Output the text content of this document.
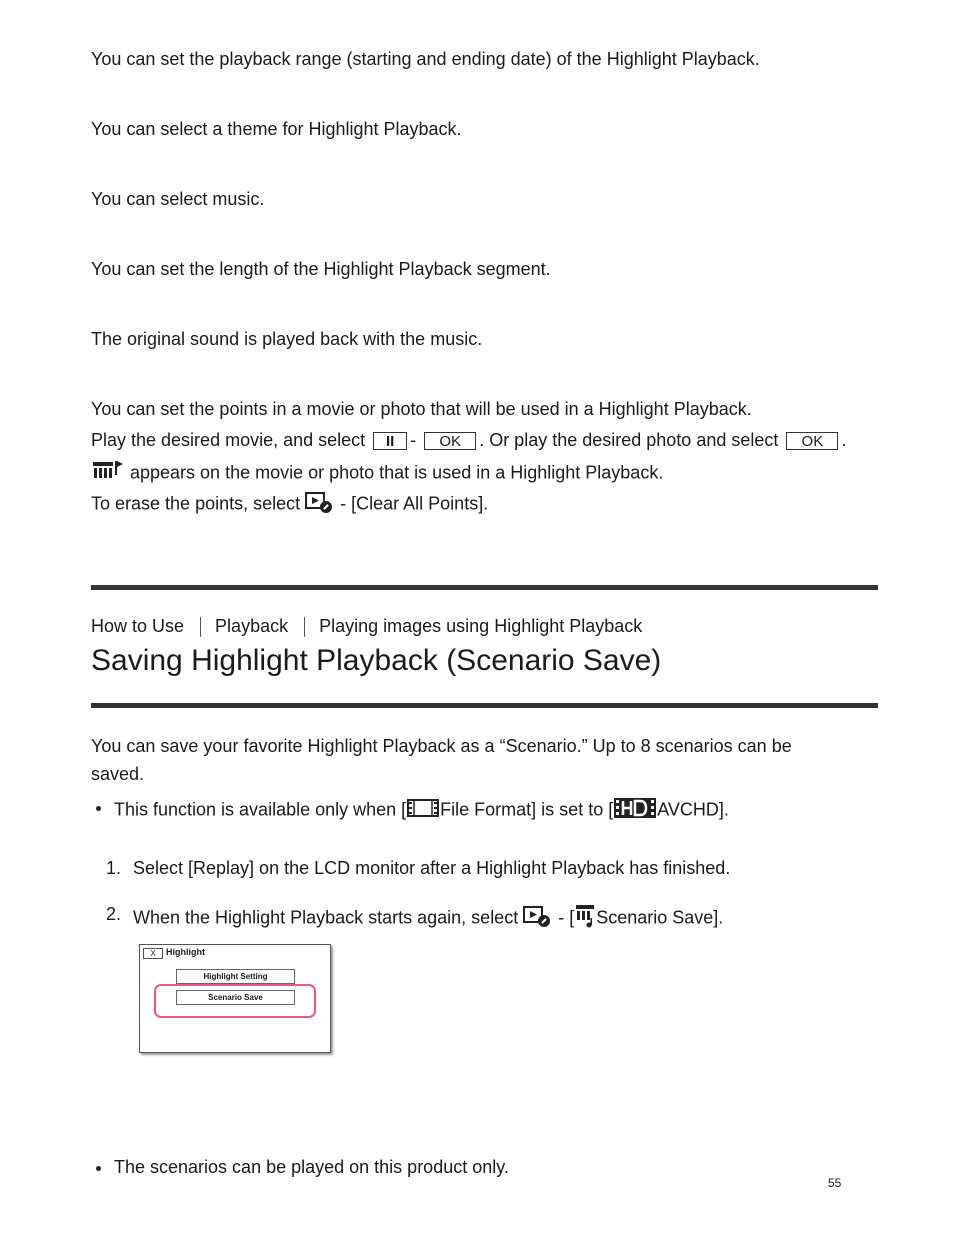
You can set the playback range (starting and ending date) of the Highlight Playback.
You can select a theme for Highlight Playback.
You can select music.
You can set the length of the Highlight Playback segment.
The original sound is played back with the music.
You can set the points in a movie or photo that will be used in a Highlight Playback.
Play the desired movie, and select II - OK . Or play the desired photo and select OK .
appears on the movie or photo that is used in a Highlight Playback.
To erase the points, select  - [Clear All Points].
How to Use Playback Playing images using Highlight Playback
Saving Highlight Playback (Scenario Save)
You can save your favorite Highlight Playback as a “Scenario.” Up to 8 scenarios can be
saved.
This function is available only when [ File Format] is set to [ AVCHD].
1. Select [Replay] on the LCD monitor after a Highlight Playback has finished.
2. When the Highlight Playback starts again, select  - [ Scenario Save].
X	Highlight
Highlight Setting
Scenario Save
The scenarios can be played on this product only.
55
